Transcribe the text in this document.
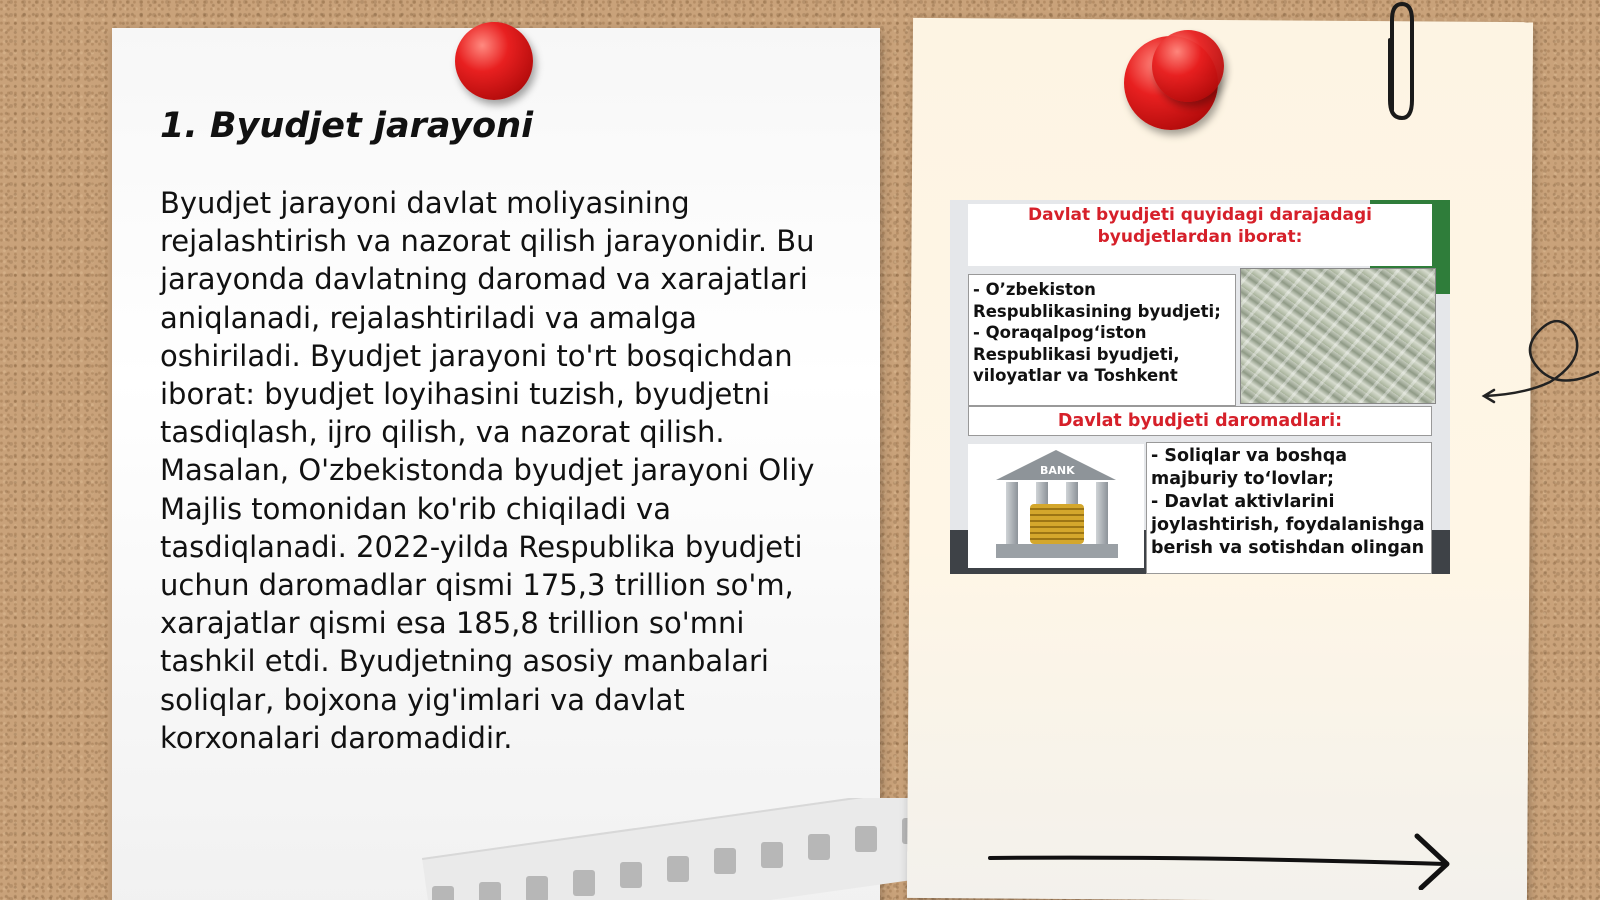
1. Byudjet jarayoni

Byudjet jarayoni davlat moliyasining rejalashtirish va nazorat qilish jarayonidir. Bu jarayonda davlatning daromad va xarajatlari aniqlanadi, rejalashtiriladi va amalga oshiriladi. Byudjet jarayoni to'rt bosqichdan iborat: byudjet loyihasini tuzish, byudjetni tasdiqlash, ijro qilish, va nazorat qilish. Masalan, O'zbekistonda byudjet jarayoni Oliy Majlis tomonidan ko'rib chiqiladi va tasdiqlanadi. 2022-yilda Respublika byudjeti uchun daromadlar qismi 175,3 trillion so'm, xarajatlar qismi esa 185,8 trillion so'mni tashkil etdi. Byudjetning asosiy manbalari soliqlar, bojxona yig'imlari va davlat korxonalari daromadidir.

Davlat byudjeti quyidagi darajadagi byudjetlardan iborat:
- O’zbekiston Respublikasining byudjeti;
- Qoraqalpog‘iston Respublikasi byudjeti, viloyatlar va Toshkent
Davlat byudjeti daromadlari:
BANK
- Soliqlar va boshqa majburiy to‘lovlar;
- Davlat aktivlarini joylashtirish, foydalanishga berish va sotishdan olingan
